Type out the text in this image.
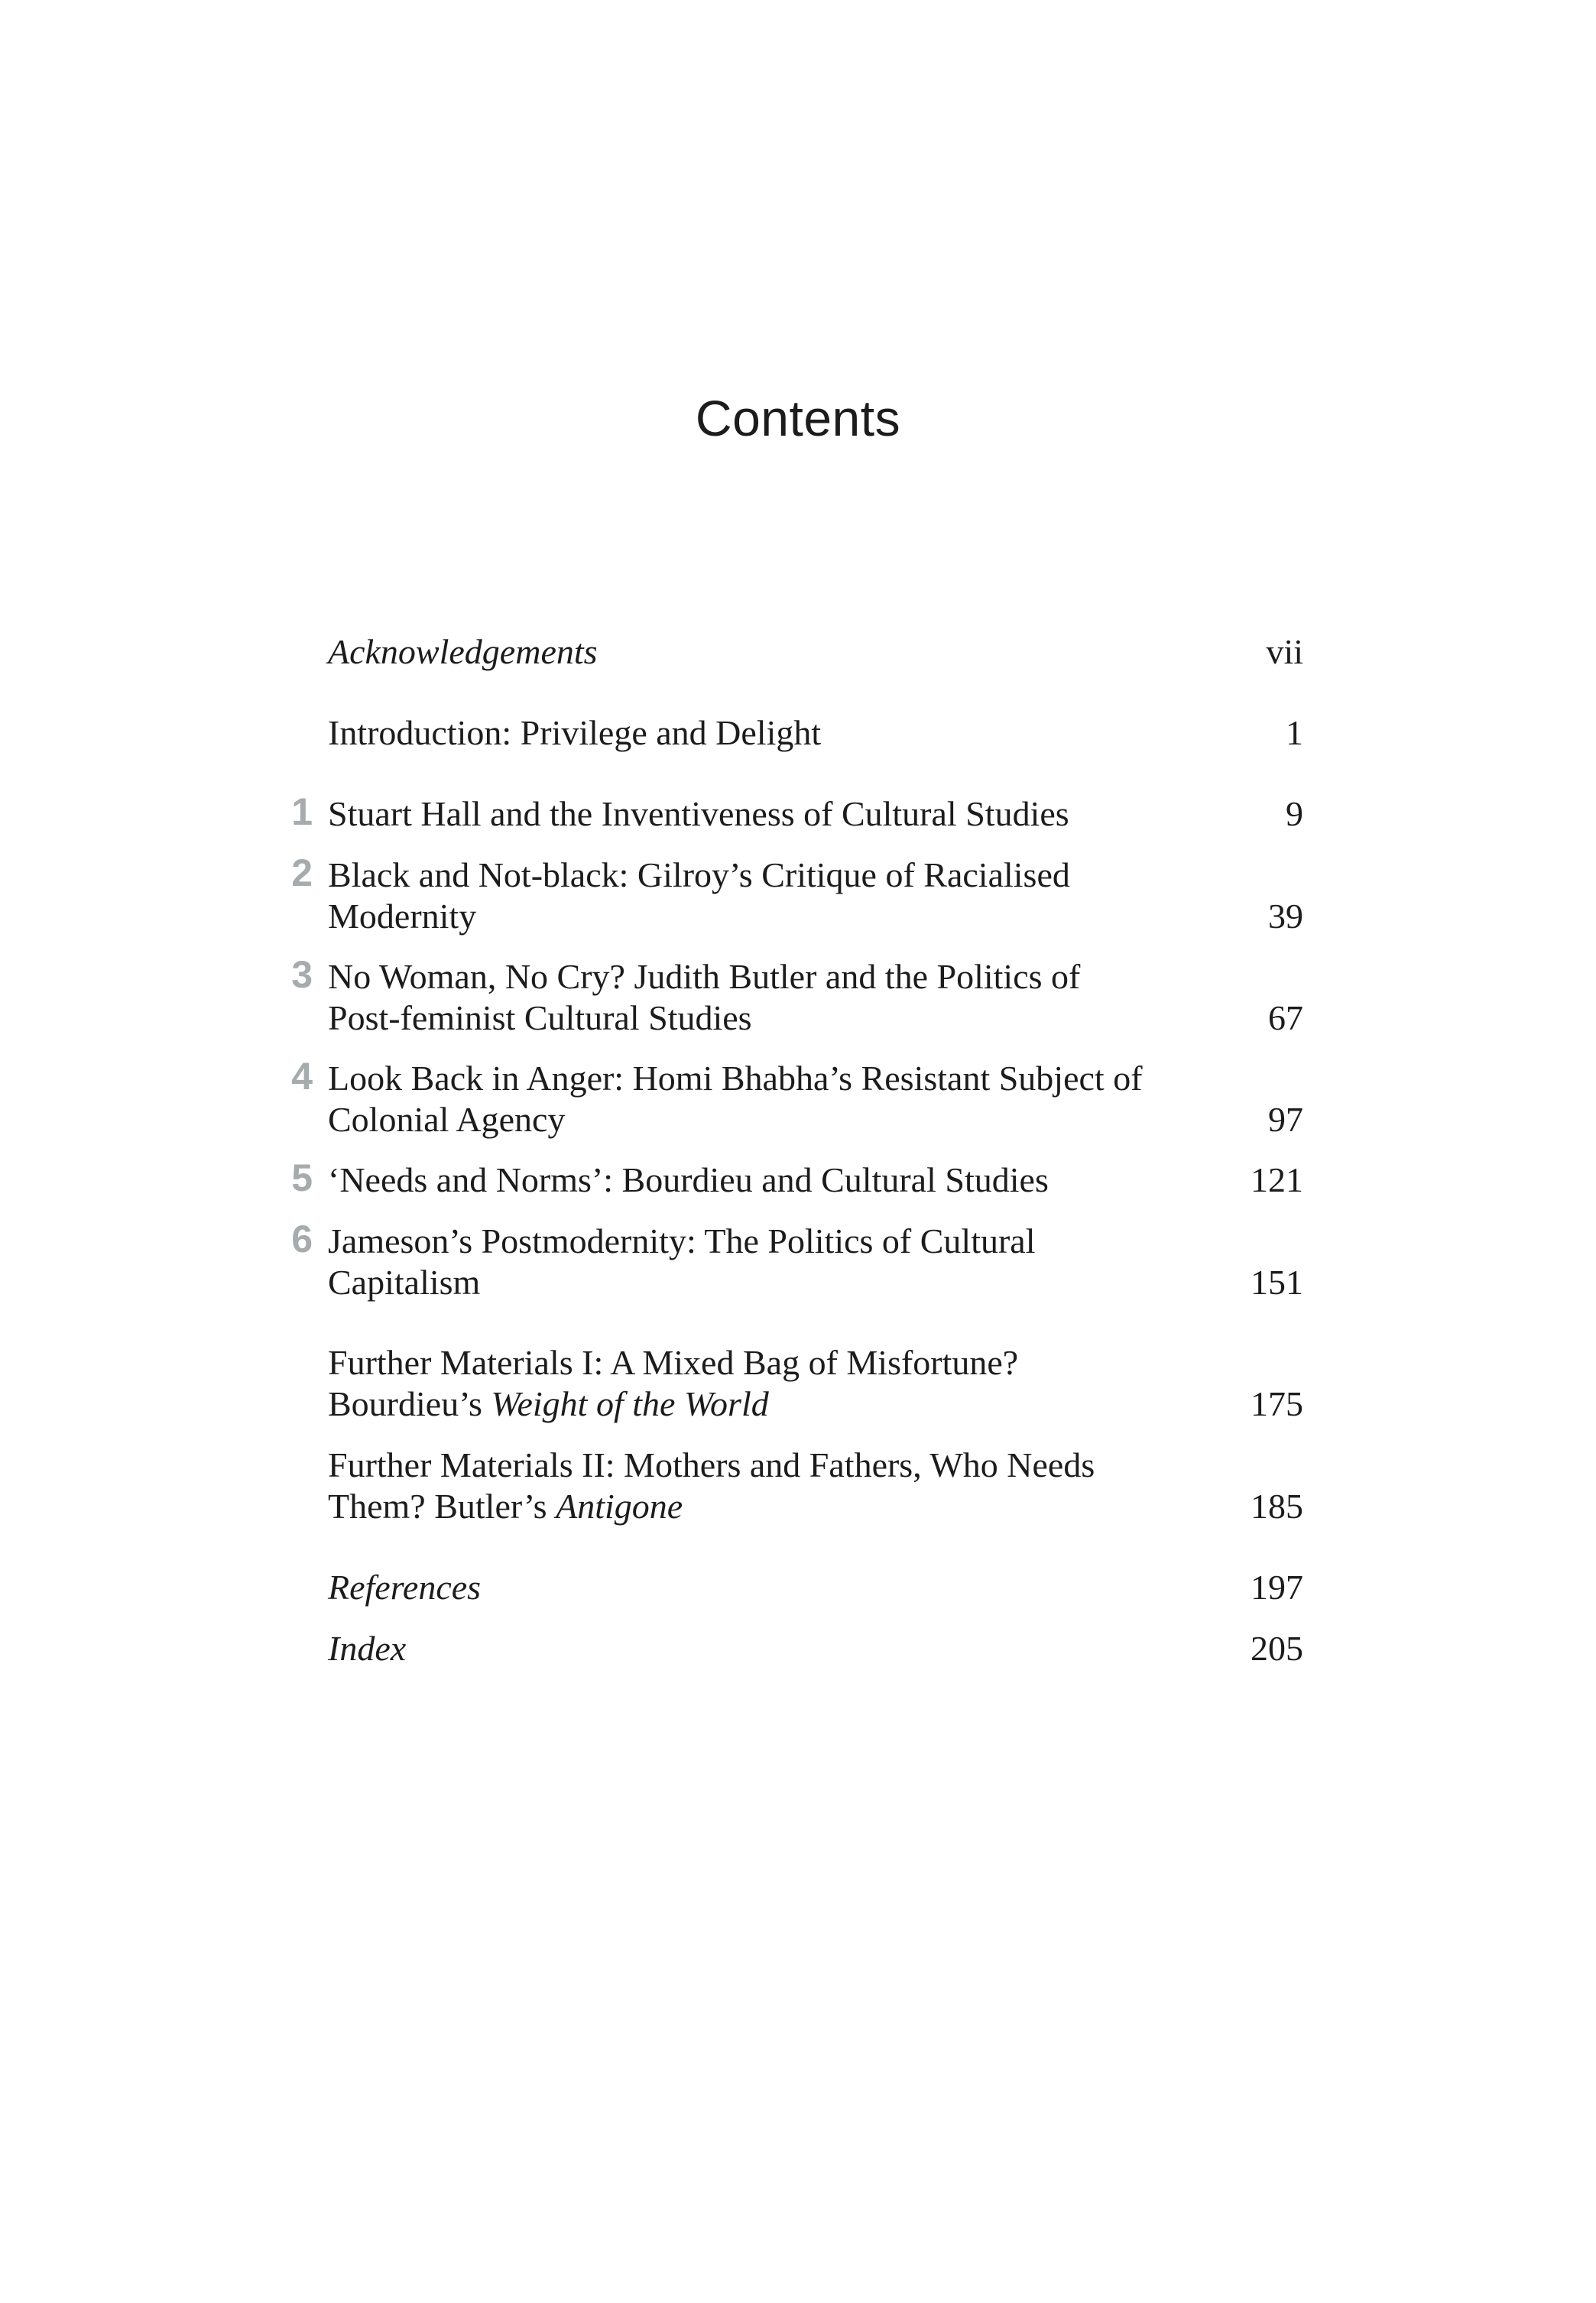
Contents
Acknowledgements	vii
Introduction: Privilege and Delight	1
1 Stuart Hall and the Inventiveness of Cultural Studies	9
2 Black and Not-black: Gilroy’s Critique of Racialised
Modernity	39
3 No Woman, No Cry? Judith Butler and the Politics of
Post-feminist Cultural Studies	67
4 Look Back in Anger: Homi Bhabha’s Resistant Subject of
Colonial Agency	97
5 ‘Needs and Norms’: Bourdieu and Cultural Studies	121
6 Jameson’s Postmodernity: The Politics of Cultural
Capitalism	151
Further Materials I: A Mixed Bag of Misfortune?
Bourdieu’s Weight of the World	175
Further Materials II: Mothers and Fathers, Who Needs
Them? Butler’s Antigone	185
References	197
Index	205
